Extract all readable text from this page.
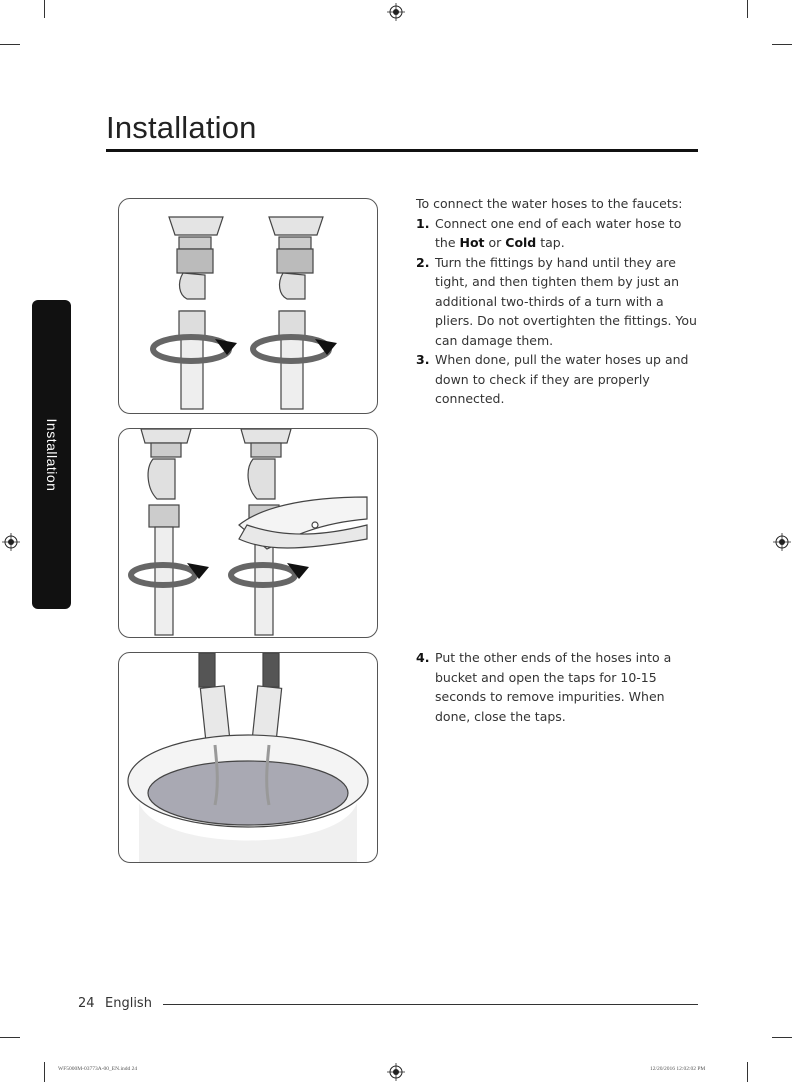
Installation
Installation
To connect the water hoses to the faucets:
1. Connect one end of each water hose to the Hot or Cold tap.
2. Turn the fittings by hand until they are tight, and then tighten them by just an additional two-thirds of a turn with a pliers. Do not overtighten the fittings. You can damage them.
3. When done, pull the water hoses up and down to check if they are properly connected.
4. Put the other ends of the hoses into a bucket and open the taps for 10-15 seconds to remove impurities. When done, close the taps.
24 English
WF5000M-03773A-00_EN.indd 24	12/20/2016 12:02:02 PM
